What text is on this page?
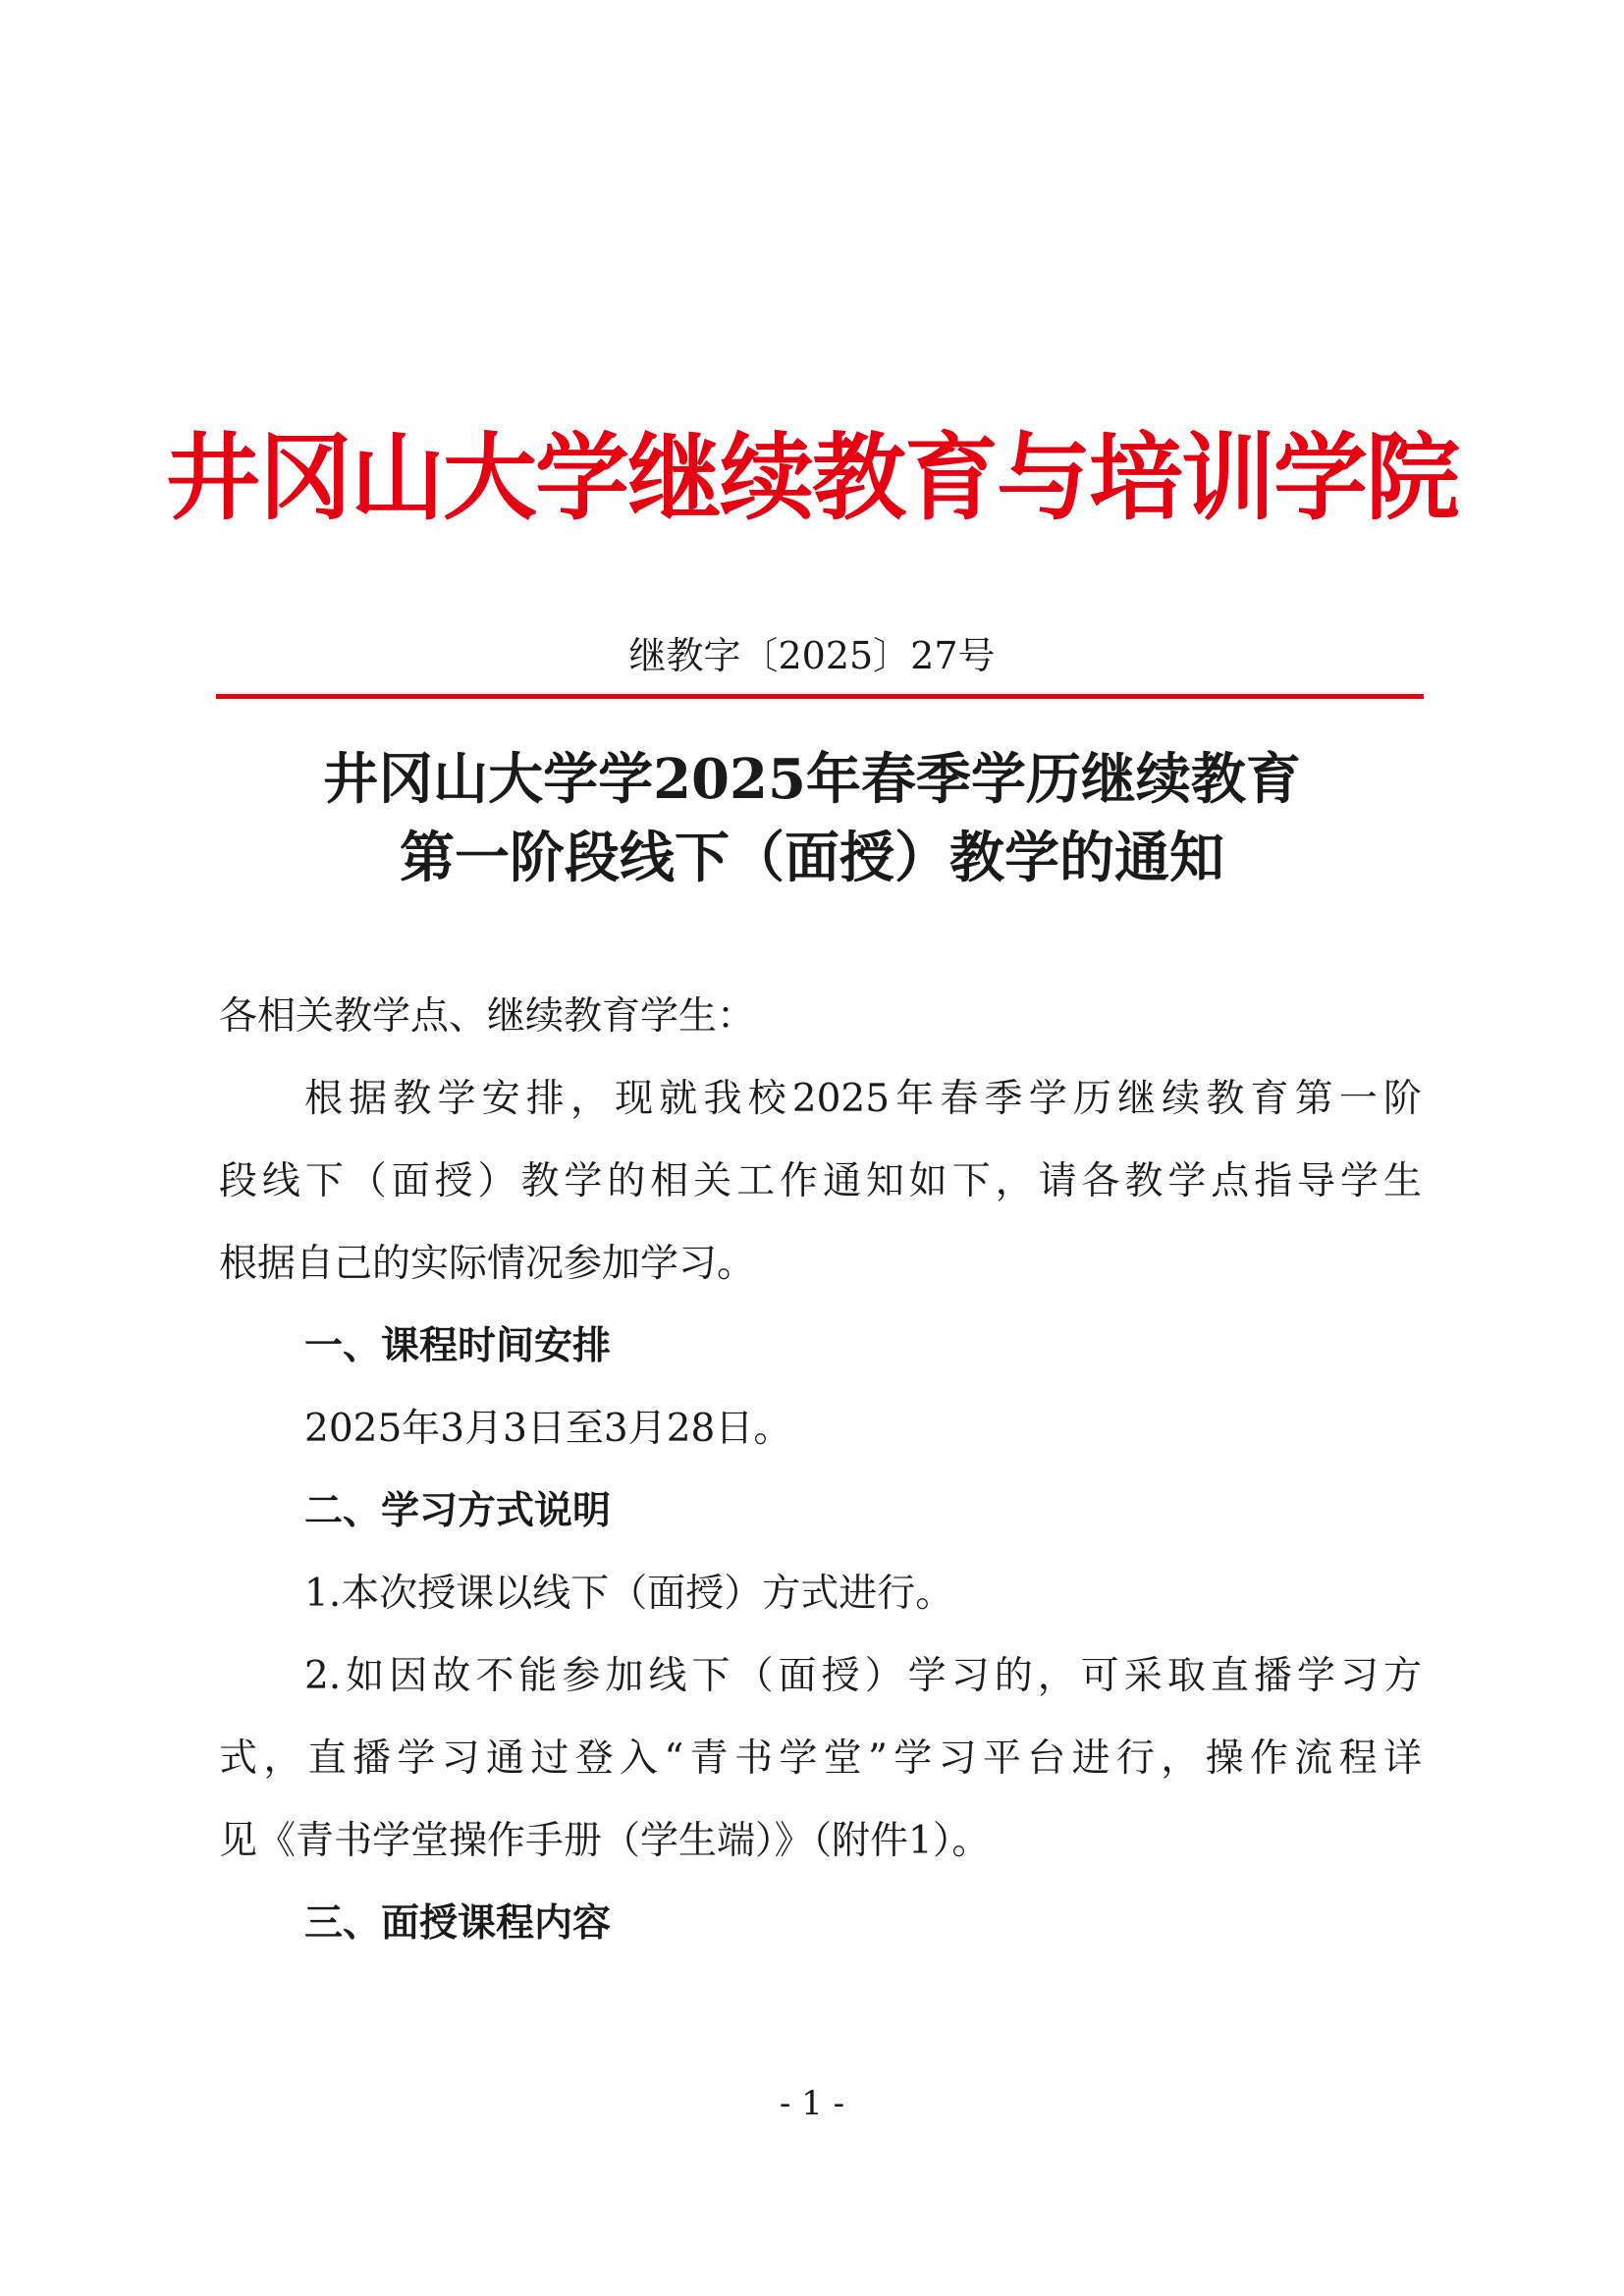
井冈山大学继续教育与培训学院
继教字〔2025〕27号
井冈山大学学2025年春季学历继续教育
第一阶段线下（面授）教学的通知
各相关教学点、继续教育学生：
根据教学安排，现就我校2025年春季学历继续教育第一阶
段线下（面授）教学的相关工作通知如下，请各教学点指导学生
根据自己的实际情况参加学习。
一、课程时间安排
2025年3月3日至3月28日。
二、学习方式说明
1.本次授课以线下（面授）方式进行。
2.如因故不能参加线下（面授）学习的，可采取直播学习方
式，直播学习通过登入“青书学堂”学习平台进行，操作流程详
见《青书学堂操作手册（学生端）》（附件1）。
三、面授课程内容
- 1 -
